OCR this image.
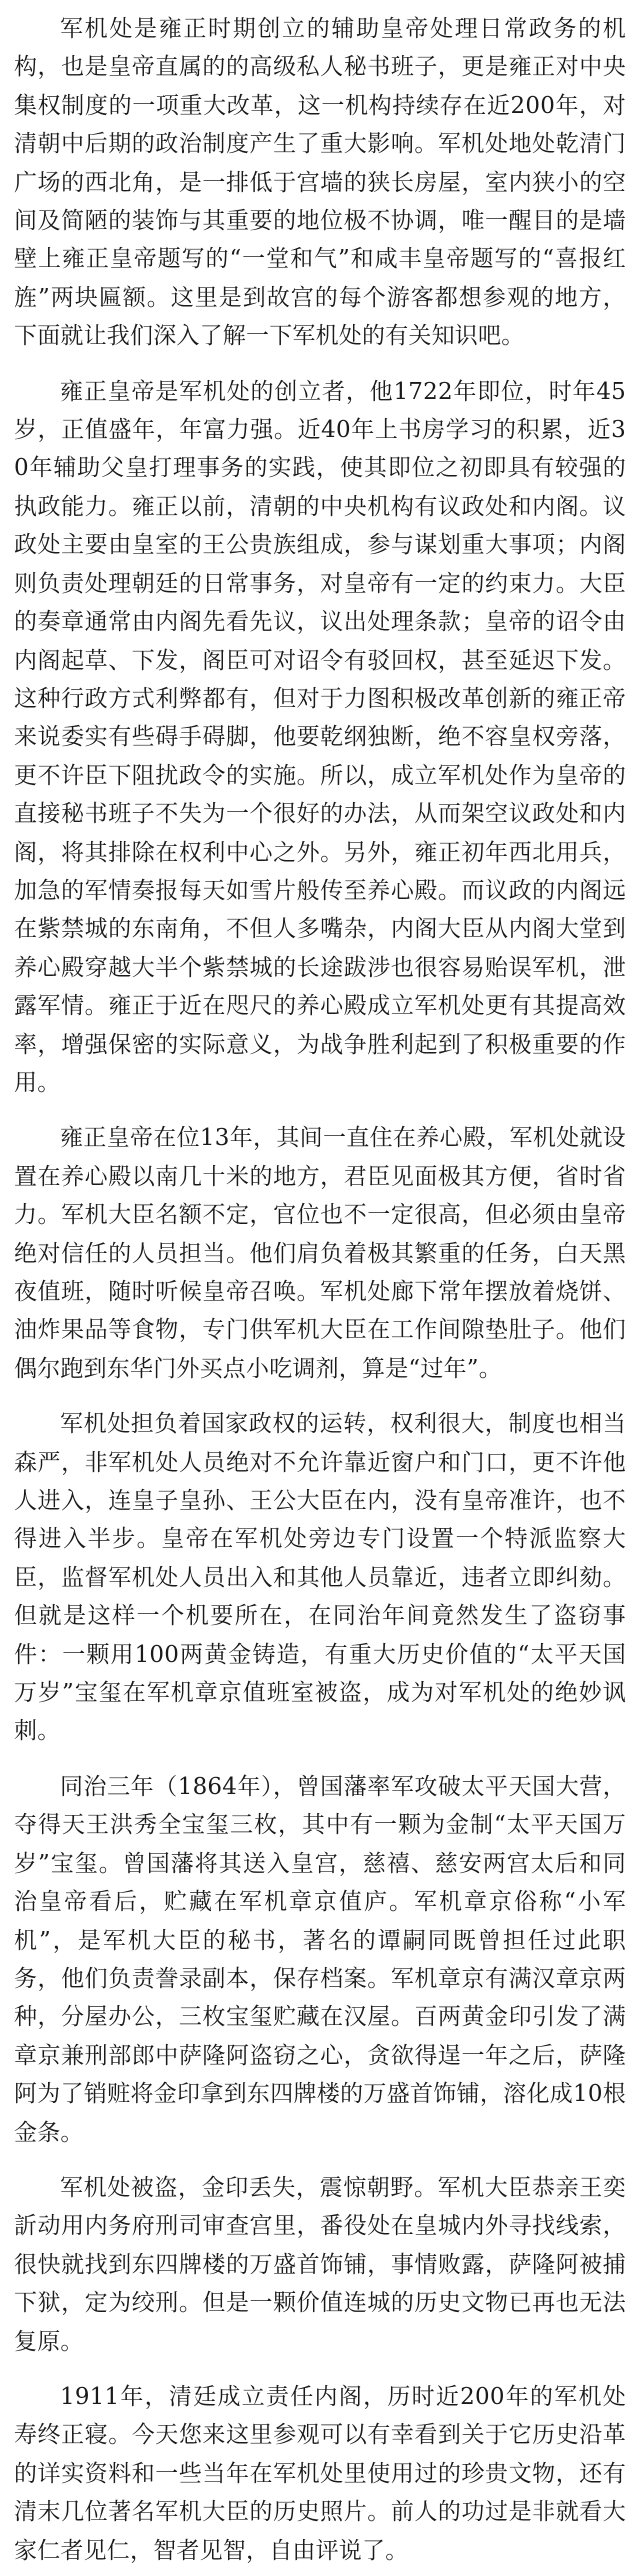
军机处是雍正时期创立的辅助皇帝处理日常政务的机构，也是皇帝直属的的高级私人秘书班子，更是雍正对中央集权制度的一项重大改革，这一机构持续存在近200年，对清朝中后期的政治制度产生了重大影响。军机处地处乾清门广场的西北角，是一排低于宫墙的狭长房屋，室内狭小的空间及简陋的装饰与其重要的地位极不协调，唯一醒目的是墙壁上雍正皇帝题写的“一堂和气”和咸丰皇帝题写的“喜报红旌”两块匾额。这里是到故宫的每个游客都想参观的地方，下面就让我们深入了解一下军机处的有关知识吧。

雍正皇帝是军机处的创立者，他1722年即位，时年45岁，正值盛年，年富力强。近40年上书房学习的积累，近30年辅助父皇打理事务的实践，使其即位之初即具有较强的执政能力。雍正以前，清朝的中央机构有议政处和内阁。议政处主要由皇室的王公贵族组成，参与谋划重大事项；内阁则负责处理朝廷的日常事务，对皇帝有一定的约束力。大臣的奏章通常由内阁先看先议，议出处理条款；皇帝的诏令由内阁起草、下发，阁臣可对诏令有驳回权，甚至延迟下发。这种行政方式利弊都有，但对于力图积极改革创新的雍正帝来说委实有些碍手碍脚，他要乾纲独断，绝不容皇权旁落，更不许臣下阻扰政令的实施。所以，成立军机处作为皇帝的直接秘书班子不失为一个很好的办法，从而架空议政处和内阁，将其排除在权利中心之外。另外，雍正初年西北用兵，加急的军情奏报每天如雪片般传至养心殿。而议政的内阁远在紫禁城的东南角，不但人多嘴杂，内阁大臣从内阁大堂到养心殿穿越大半个紫禁城的长途跋涉也很容易贻误军机，泄露军情。雍正于近在咫尺的养心殿成立军机处更有其提高效率，增强保密的实际意义，为战争胜利起到了积极重要的作用。

雍正皇帝在位13年，其间一直住在养心殿，军机处就设置在养心殿以南几十米的地方，君臣见面极其方便，省时省力。军机大臣名额不定，官位也不一定很高，但必须由皇帝绝对信任的人员担当。他们肩负着极其繁重的任务，白天黑夜值班，随时听候皇帝召唤。军机处廊下常年摆放着烧饼、油炸果品等食物，专门供军机大臣在工作间隙垫肚子。他们偶尔跑到东华门外买点小吃调剂，算是“过年”。

军机处担负着国家政权的运转，权利很大，制度也相当森严，非军机处人员绝对不允许靠近窗户和门口，更不许他人进入，连皇子皇孙、王公大臣在内，没有皇帝准许，也不得进入半步。皇帝在军机处旁边专门设置一个特派监察大臣，监督军机处人员出入和其他人员靠近，违者立即纠劾。但就是这样一个机要所在，在同治年间竟然发生了盗窃事件：一颗用100两黄金铸造，有重大历史价值的“太平天国万岁”宝玺在军机章京值班室被盗，成为对军机处的绝妙讽刺。

同治三年（1864年），曾国藩率军攻破太平天国大营，夺得天王洪秀全宝玺三枚，其中有一颗为金制“太平天国万岁”宝玺。曾国藩将其送入皇宫，慈禧、慈安两宫太后和同治皇帝看后，贮藏在军机章京值庐。军机章京俗称“小军机”，是军机大臣的秘书，著名的谭嗣同既曾担任过此职务，他们负责誊录副本，保存档案。军机章京有满汉章京两种，分屋办公，三枚宝玺贮藏在汉屋。百两黄金印引发了满章京兼刑部郎中萨隆阿盗窃之心，贪欲得逞一年之后，萨隆阿为了销赃将金印拿到东四牌楼的万盛首饰铺，溶化成10根金条。

军机处被盗，金印丢失，震惊朝野。军机大臣恭亲王奕訢动用内务府刑司审查宫里，番役处在皇城内外寻找线索，很快就找到东四牌楼的万盛首饰铺，事情败露，萨隆阿被捕下狱，定为绞刑。但是一颗价值连城的历史文物已再也无法复原。

1911年，清廷成立责任内阁，历时近200年的军机处寿终正寝。今天您来这里参观可以有幸看到关于它历史沿革的详实资料和一些当年在军机处里使用过的珍贵文物，还有清末几位著名军机大臣的历史照片。前人的功过是非就看大家仁者见仁，智者见智，自由评说了。
